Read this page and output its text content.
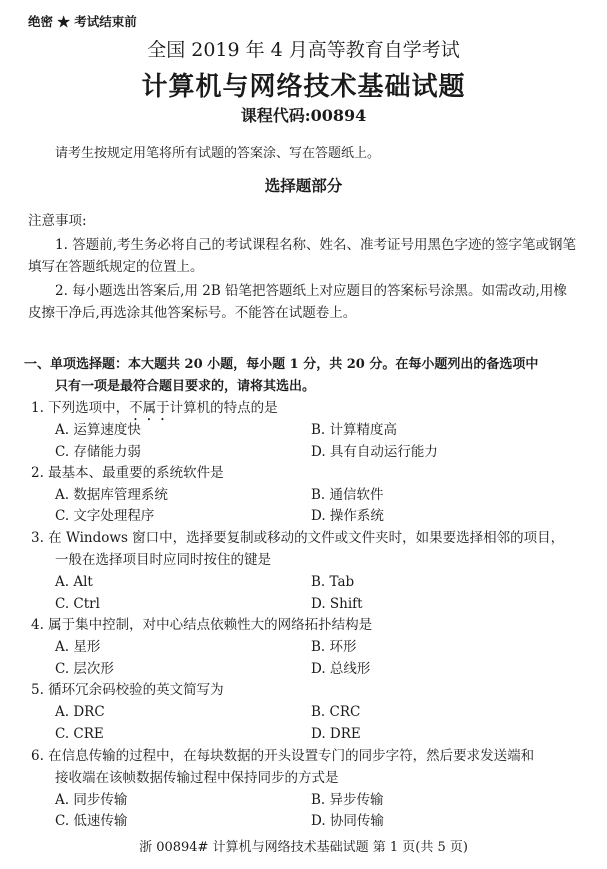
绝密 ★ 考试结束前
全国 2019 年 4 月高等教育自学考试
计算机与网络技术基础试题
课程代码:00894
请考生按规定用笔将所有试题的答案涂、写在答题纸上。
选择题部分
注意事项:
1. 答题前,考生务必将自己的考试课程名称、姓名、准考证号用黑色字迹的签字笔或钢笔
填写在答题纸规定的位置上。
2. 每小题选出答案后,用 2B 铅笔把答题纸上对应题目的答案标号涂黑。如需改动,用橡
皮擦干净后,再选涂其他答案标号。不能答在试题卷上。
一、单项选择题：本大题共 20 小题，每小题 1 分，共 20 分。在每小题列出的备选项中
只有一项是最符合题目要求的，请将其选出。
1. 下列选项中，不属于计算机的特点的是
A. 运算速度快	B. 计算精度高
C. 存储能力弱	D. 具有自动运行能力
2. 最基本、最重要的系统软件是
A. 数据库管理系统	B. 通信软件
C. 文字处理程序	D. 操作系统
3. 在 Windows 窗口中，选择要复制或移动的文件或文件夹时，如果要选择相邻的项目，
一般在选择项目时应同时按住的键是
A. Alt	B. Tab
C. Ctrl	D. Shift
4. 属于集中控制，对中心结点依赖性大的网络拓扑结构是
A. 星形	B. 环形
C. 层次形	D. 总线形
5. 循环冗余码校验的英文简写为
A. DRC	B. CRC
C. CRE	D. DRE
6. 在信息传输的过程中，在每块数据的开头设置专门的同步字符，然后要求发送端和
接收端在该帧数据传输过程中保持同步的方式是
A. 同步传输	B. 异步传输
C. 低速传输	D. 协同传输
浙 00894# 计算机与网络技术基础试题 第 1 页(共 5 页)
